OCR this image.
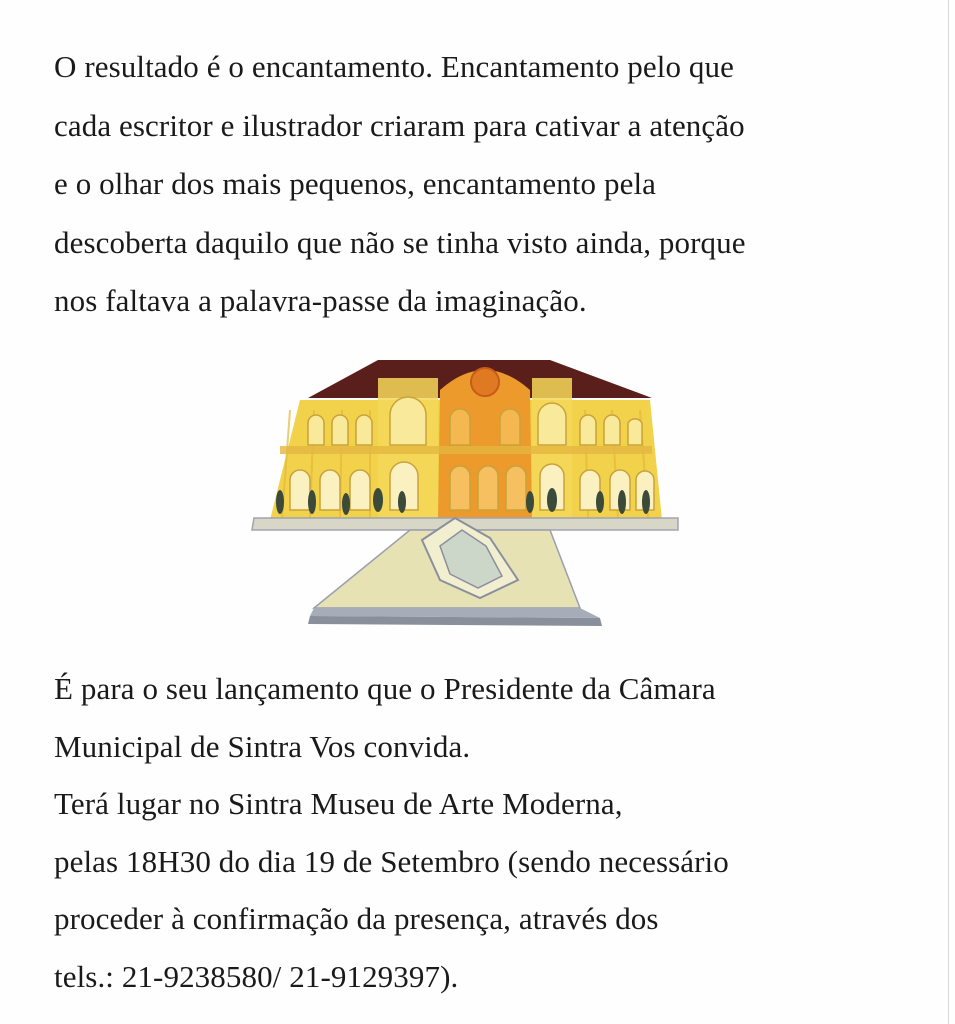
O resultado é o encantamento. Encantamento pelo que
cada escritor e ilustrador criaram para cativar a atenção
e o olhar dos mais pequenos, encantamento pela
descoberta daquilo que não se tinha visto ainda, porque
nos faltava a palavra-passe da imaginação.

É para o seu lançamento que o Presidente da Câmara
Municipal de Sintra Vos convida.
Terá lugar no Sintra Museu de Arte Moderna,
pelas 18H30 do dia 19 de Setembro (sendo necessário
proceder à confirmação da presença, através dos
tels.: 21-9238580/ 21-9129397).
